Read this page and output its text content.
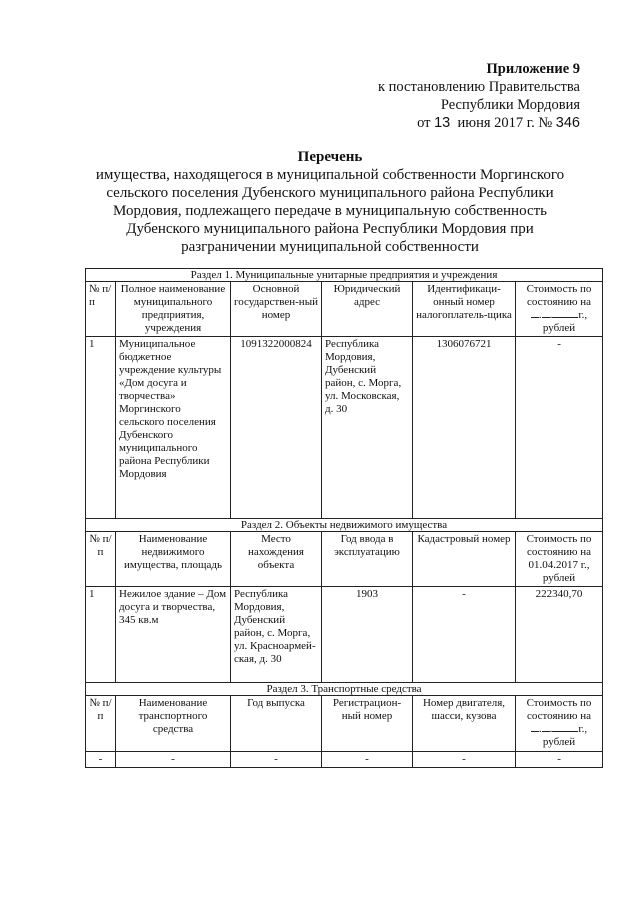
Приложение 9
к постановлению Правительства
Республики Мордовия
от 13 июня 2017 г. № 346
Перечень
имущества, находящегося в муниципальной собственности Моргинского
сельского поселения Дубенского муниципального района Республики
Мордовия, подлежащего передаче в муниципальную собственность
Дубенского муниципального района Республики Мордовия при
разграничении муниципальной собственности
Раздел 1. Муниципальные унитарные предприятия и учреждения					
№ п/п	Полное наименование муниципального предприятия, учреждения	Основной государствен-ный номер	Юридический адрес	Идентификаци-онный номер налогоплатель-щика	Стоимость по состоянию на
. . г.,
рублей
1	Муниципальное бюджетное учреждение культуры «Дом досуга и творчества» Моргинского сельского поселения Дубенского муниципального района Республики Мордовия	1091322000824	Республика Мордовия, Дубенский район, с. Морга, ул. Московская, д. 30	1306076721	-
Раздел 2. Объекты недвижимого имущества					
№ п/п	Наименование недвижимого имущества, площадь	Место нахождения объекта	Год ввода в эксплуатацию	Кадастровый номер	Стоимость по состоянию на 01.04.2017 г., рублей
1	Нежилое здание – Дом досуга и творчества, 345 кв.м	Республика Мордовия, Дубенский район, с. Морга, ул. Красноармей-ская, д. 30	1903	-	222340,70
Раздел 3. Транспортные средства					
№ п/п	Наименование транспортного средства	Год выпуска	Регистрацион-ный номер	Номер двигателя, шасси, кузова	Стоимость по состоянию на
. . г.,
рублей
-	-	-	-	-	-
